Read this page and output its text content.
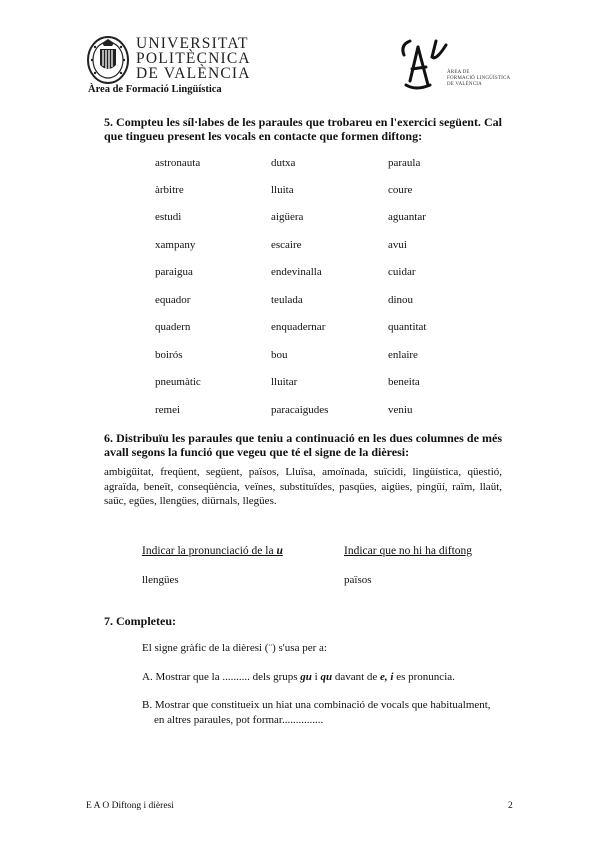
UNIVERSITAT
POLITÈCNICA
DE VALÈNCIA
Àrea de Formació Lingüística
ÀREA DE
FORMACIÓ LINGÜÍSTICA
DE VALÈNCIA
5. Compteu les síl·labes de les paraules que trobareu en l'exercici següent. Cal que tingueu present les vocals en contacte que formen diftong:
astronauta	dutxa	paraula
àrbitre	lluita	coure
estudi	aigüera	aguantar
xampany	escaire	avui
paraigua	endevinalla	cuidar
equador	teulada	dinou
quadern	enquadernar	quantitat
boirós	bou	enlaire
pneumàtic	lluitar	beneita
remei	paracaigudes	veniu
6. Distribuïu les paraules que teniu a continuació en les dues columnes de més avall segons la funció que vegeu que té el signe de la dièresi:
ambigüitat, freqüent, següent, països, Lluïsa, amoïnada, suïcidi, lingüística, qüestió, agraïda, beneït, conseqüència, veïnes, substituïdes, pasqües, aigües, pingüí, raïm, llaüt, saüc, egües, llengües, diürnals, llegües.
Indicar la pronunciació de la u	Indicar que no hi ha diftong
llengües	països
7. Completeu:
El signe gràfic de la dièresi (¨) s'usa per a:
A. Mostrar que la .......... dels grups gu i qu davant de e, i es pronuncia.
B. Mostrar que constitueix un hiat una combinació de vocals que habitualment, en altres paraules, pot formar...............
E A O Diftong i dièresi	2
